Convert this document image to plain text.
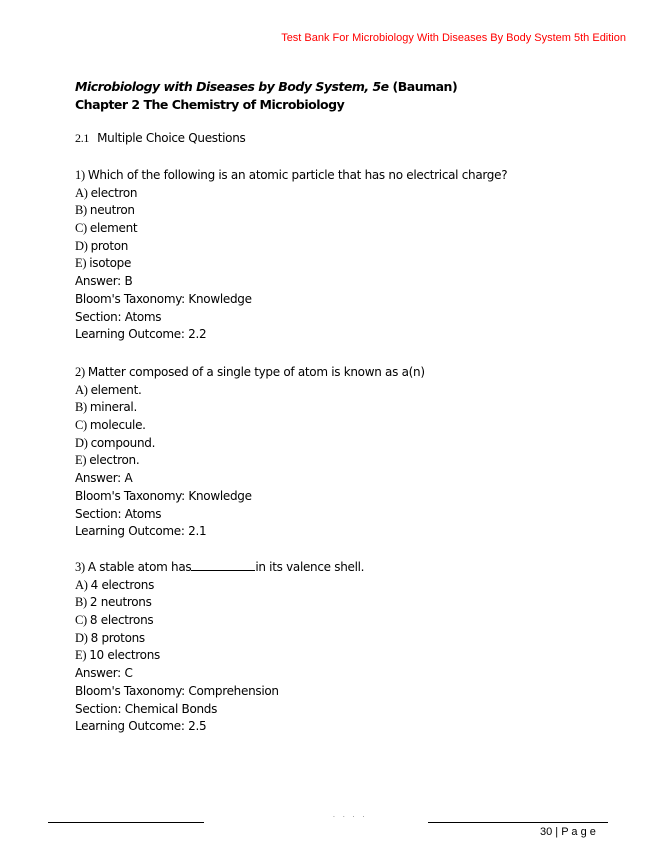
Test Bank For Microbiology With Diseases By Body System 5th Edition
Microbiology with Diseases by Body System, 5e (Bauman)
Chapter 2 The Chemistry of Microbiology
2.1 Multiple Choice Questions
1) Which of the following is an atomic particle that has no electrical charge?
A) electron
B) neutron
C) element
D) proton
E) isotope
Answer: B
Bloom's Taxonomy: Knowledge
Section: Atoms
Learning Outcome: 2.2
2) Matter composed of a single type of atom is known as a(n)
A) element.
B) mineral.
C) molecule.
D) compound.
E) electron.
Answer: A
Bloom's Taxonomy: Knowledge
Section: Atoms
Learning Outcome: 2.1
3) A stable atom has	in its valence shell.
A) 4 electrons
B) 2 neutrons
C) 8 electrons
D) 8 protons
E) 10 electrons
Answer: C
Bloom's Taxonomy: Comprehension
Section: Chemical Bonds
Learning Outcome: 2.5
. . . .
30 | P a g e
